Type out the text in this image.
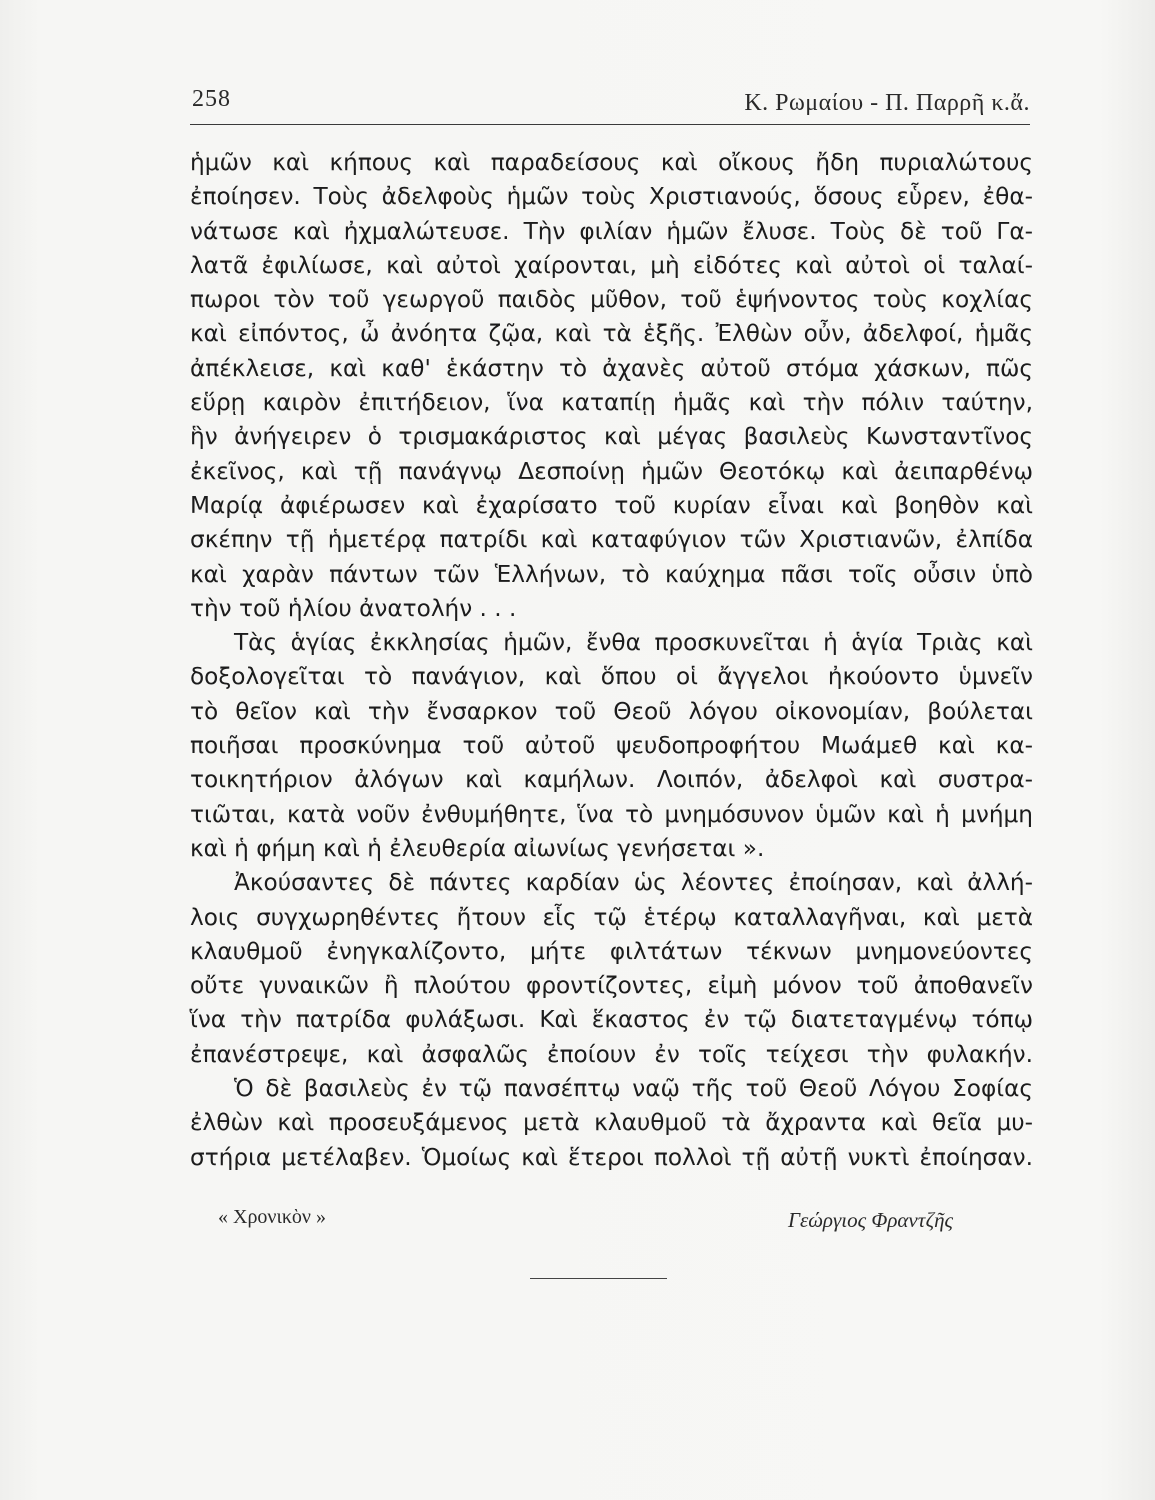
258	Κ. Ρωμαίου - Π. Παρρῆ κ.ἄ.
ἡμῶν καὶ κήπους καὶ παραδείσους καὶ οἴκους ἤδη πυριαλώτους
ἐποίησεν. Τοὺς ἀδελφοὺς ἡμῶν τοὺς Χριστιανούς, ὅσους εὗρεν, ἐθα-
νάτωσε καὶ ἠχμαλώτευσε. Τὴν φιλίαν ἡμῶν ἔλυσε. Τοὺς δὲ τοῦ Γα-
λατᾶ ἐφιλίωσε, καὶ αὐτοὶ χαίρονται, μὴ εἰδότες καὶ αὐτοὶ οἱ ταλαί-
πωροι τὸν τοῦ γεωργοῦ παιδὸς μῦθον, τοῦ ἑψήνοντος τοὺς κοχλίας
καὶ εἰπόντος, ὦ ἀνόητα ζῷα, καὶ τὰ ἑξῆς. Ἐλθὼν οὖν, ἀδελφοί, ἡμᾶς
ἀπέκλεισε, καὶ καθ' ἑκάστην τὸ ἀχανὲς αὐτοῦ στόμα χάσκων, πῶς
εὕρῃ καιρὸν ἐπιτήδειον, ἵνα καταπίῃ ἡμᾶς καὶ τὴν πόλιν ταύτην,
ἣν ἀνήγειρεν ὁ τρισμακάριστος καὶ μέγας βασιλεὺς Κωνσταντῖνος
ἐκεῖνος, καὶ τῇ πανάγνῳ Δεσποίνῃ ἡμῶν Θεοτόκῳ καὶ ἀειπαρθένῳ
Μαρίᾳ ἀφιέρωσεν καὶ ἐχαρίσατο τοῦ κυρίαν εἶναι καὶ βοηθὸν καὶ
σκέπην τῇ ἡμετέρᾳ πατρίδι καὶ καταφύγιον τῶν Χριστιανῶν, ἐλπίδα
καὶ χαρὰν πάντων τῶν Ἑλλήνων, τὸ καύχημα πᾶσι τοῖς οὖσιν ὑπὸ
τὴν τοῦ ἡλίου ἀνατολήν . . .
Τὰς ἁγίας ἐκκλησίας ἡμῶν, ἔνθα προσκυνεῖται ἡ ἁγία Τριὰς καὶ
δοξολογεῖται τὸ πανάγιον, καὶ ὅπου οἱ ἄγγελοι ἠκούοντο ὑμνεῖν
τὸ θεῖον καὶ τὴν ἔνσαρκον τοῦ Θεοῦ λόγου οἰκονομίαν, βούλεται
ποιῆσαι προσκύνημα τοῦ αὐτοῦ ψευδοπροφήτου Μωάμεθ καὶ κα-
τοικητήριον ἀλόγων καὶ καμήλων. Λοιπόν, ἀδελφοὶ καὶ συστρα-
τιῶται, κατὰ νοῦν ἐνθυμήθητε, ἵνα τὸ μνημόσυνον ὑμῶν καὶ ἡ μνήμη
καὶ ἡ φήμη καὶ ἡ ἐλευθερία αἰωνίως γενήσεται ».
Ἀκούσαντες δὲ πάντες καρδίαν ὡς λέοντες ἐποίησαν, καὶ ἀλλή-
λοις συγχωρηθέντες ἤτουν εἷς τῷ ἑτέρῳ καταλλαγῆναι, καὶ μετὰ
κλαυθμοῦ ἐνηγκαλίζοντο, μήτε φιλτάτων τέκνων μνημονεύοντες
οὔτε γυναικῶν ἢ πλούτου φροντίζοντες, εἰμὴ μόνον τοῦ ἀποθανεῖν
ἵνα τὴν πατρίδα φυλάξωσι. Καὶ ἕκαστος ἐν τῷ διατεταγμένῳ τόπῳ
ἐπανέστρεψε, καὶ ἀσφαλῶς ἐποίουν ἐν τοῖς τείχεσι τὴν φυλακήν.
Ὁ δὲ βασιλεὺς ἐν τῷ πανσέπτῳ ναῷ τῆς τοῦ Θεοῦ Λόγου Σοφίας
ἐλθὼν καὶ προσευξάμενος μετὰ κλαυθμοῦ τὰ ἄχραντα καὶ θεῖα μυ-
στήρια μετέλαβεν. Ὁμοίως καὶ ἕτεροι πολλοὶ τῇ αὐτῇ νυκτὶ ἐποίησαν.
« Χρονικὸν »	Γεώργιος Φραντζῆς
